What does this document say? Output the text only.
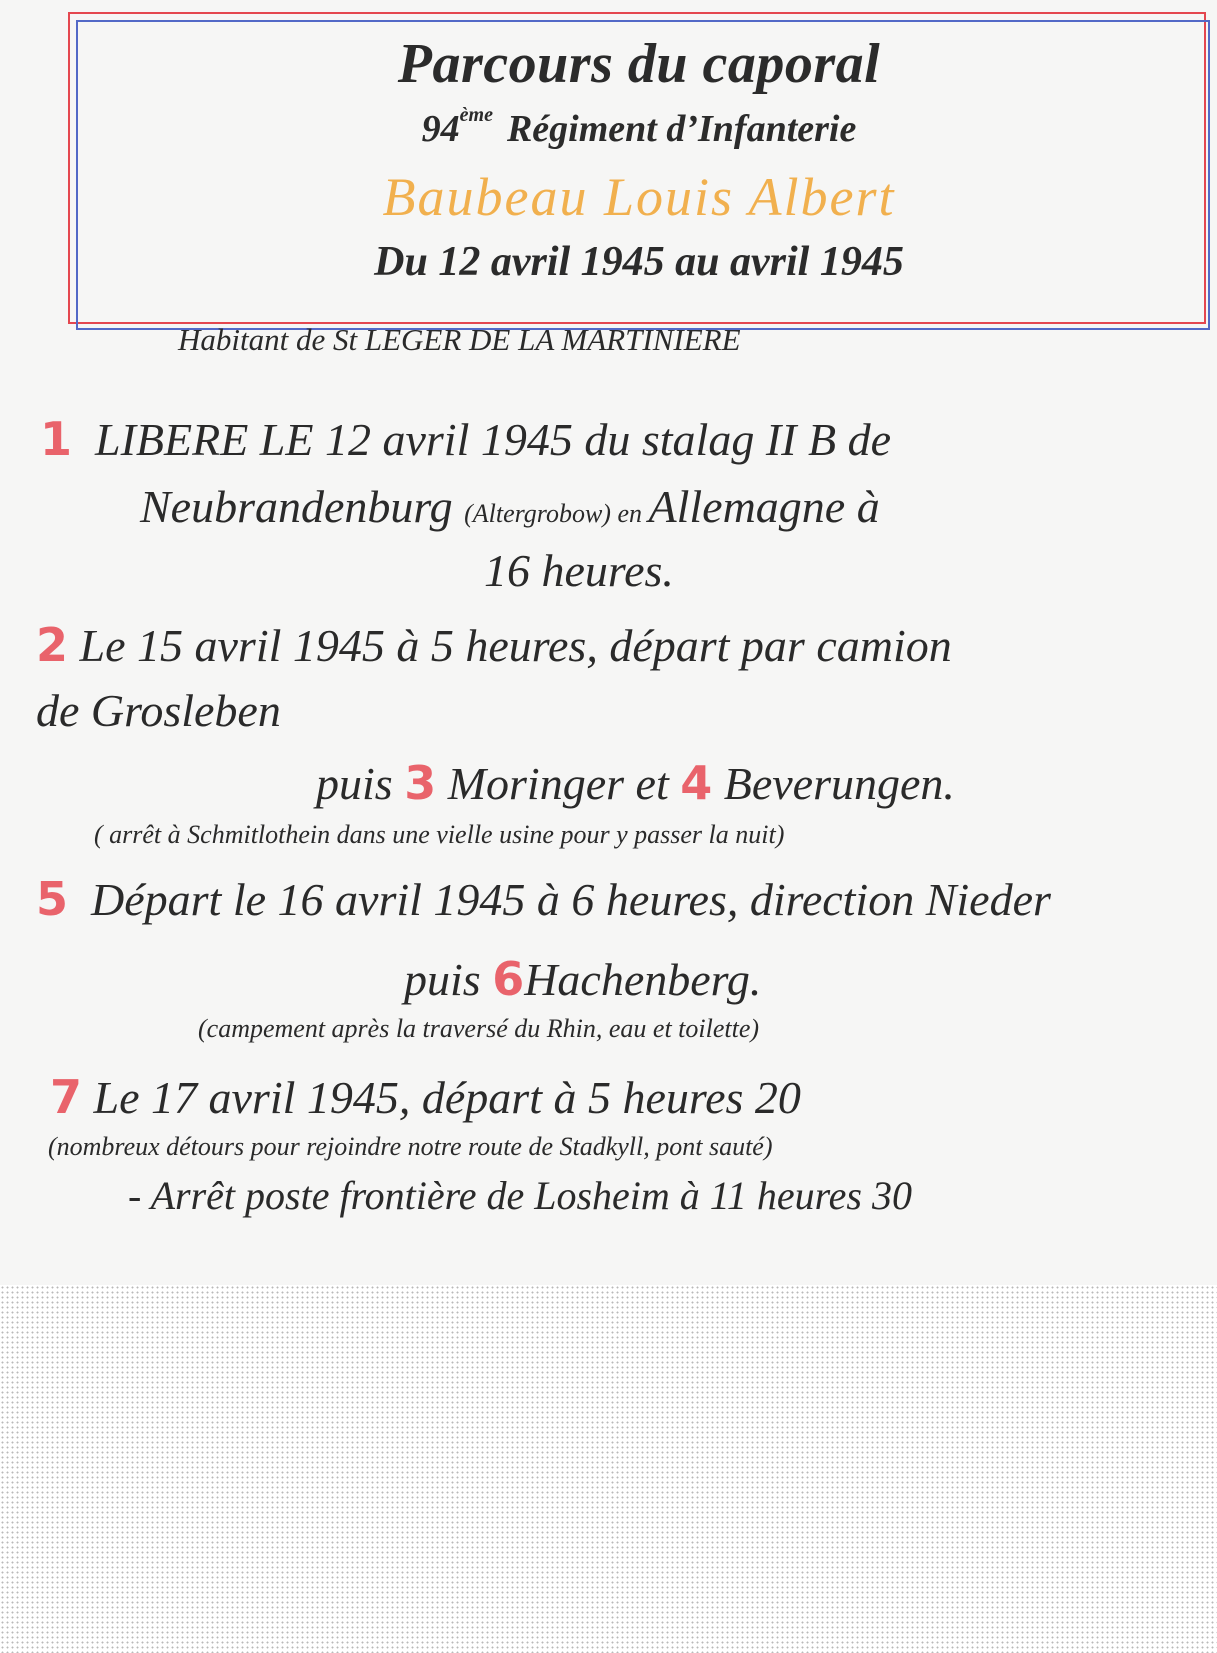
Parcours du caporal
94ème Régiment d’Infanterie
Baubeau Louis Albert
Du 12 avril 1945 au avril 1945
Habitant de St LEGER DE LA MARTINIERE
1 LIBERE LE 12 avril 1945 du stalag II B de
Neubrandenburg (Altergrobow) en Allemagne à
16 heures.
2 Le 15 avril 1945 à 5 heures, départ par camion
de Grosleben
puis 3 Moringer et 4 Beverungen.
( arrêt à Schmitlothein dans une vielle usine pour y passer la nuit)
5 Départ le 16 avril 1945 à 6 heures, direction Nieder
puis 6Hachenberg.
(campement après la traversé du Rhin, eau et toilette)
7 Le 17 avril 1945, départ à 5 heures 20
(nombreux détours pour rejoindre notre route de Stadkyll, pont sauté)
- Arrêt poste frontière de Losheim à 11 heures 30
